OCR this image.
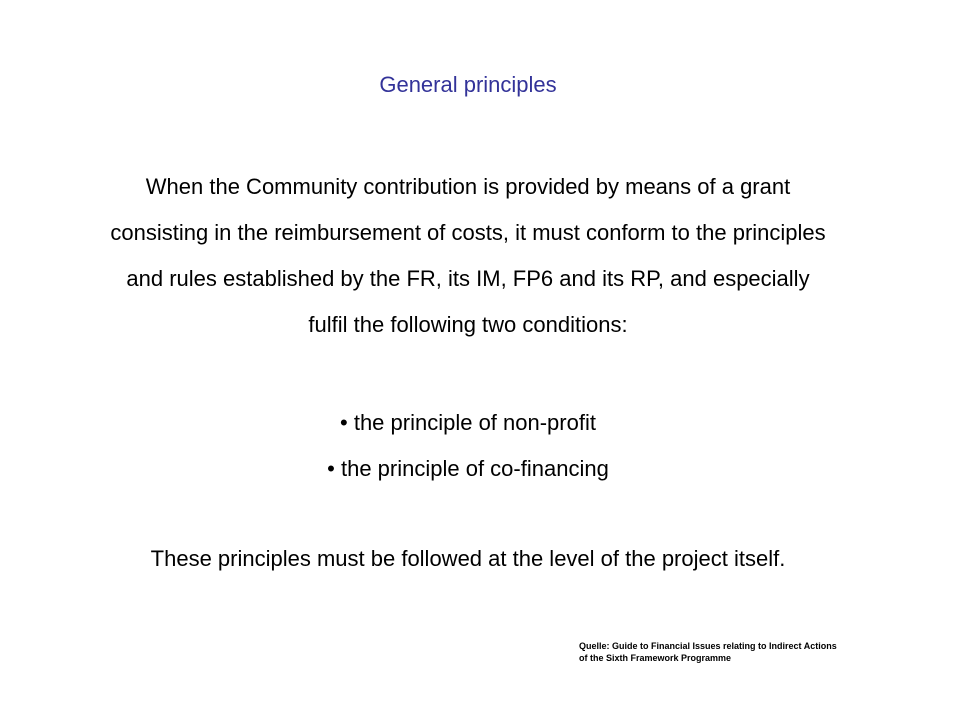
General principles
When the Community contribution is provided by means of a grant
consisting in the reimbursement of costs, it must conform to the principles
and rules established by the FR, its IM, FP6 and its RP, and especially
fulfil the following two conditions:
• the principle of non-profit
• the principle of co-financing
These principles must be followed at the level of the project itself.
Quelle: Guide to Financial Issues relating to Indirect Actions
of the Sixth Framework Programme
